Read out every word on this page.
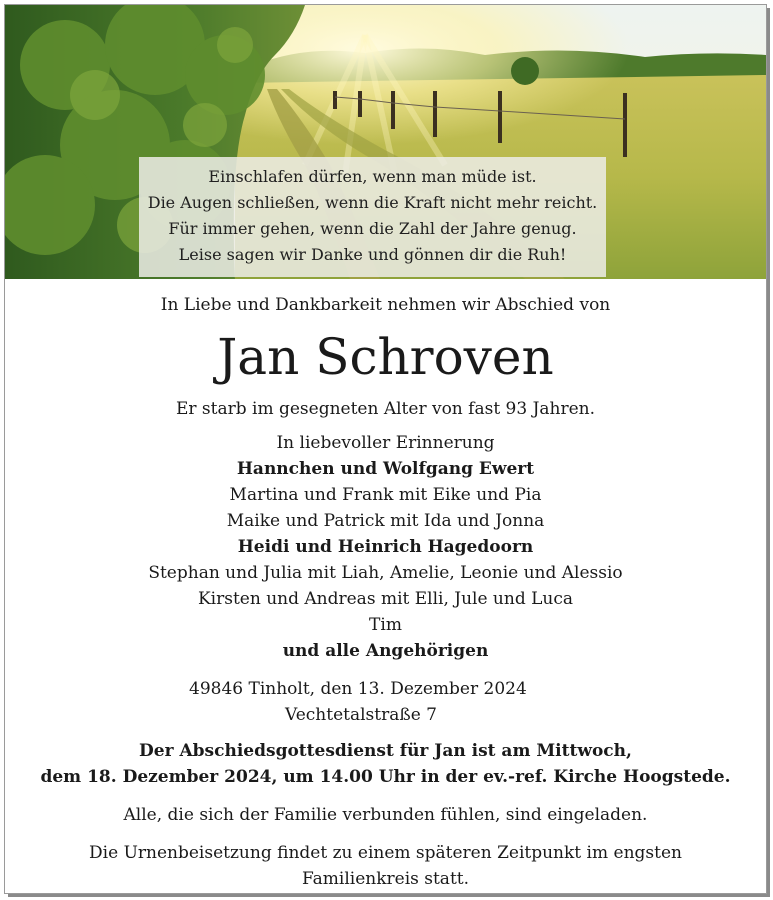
Einschlafen dürfen, wenn man müde ist.
Die Augen schließen, wenn die Kraft nicht mehr reicht.
Für immer gehen, wenn die Zahl der Jahre genug.
Leise sagen wir Danke und gönnen dir die Ruh!
In Liebe und Dankbarkeit nehmen wir Abschied von
Jan Schroven
Er starb im gesegneten Alter von fast 93 Jahren.
In liebevoller Erinnerung
Hannchen und Wolfgang Ewert
Martina und Frank mit Eike und Pia
Maike und Patrick mit Ida und Jonna
Heidi und Heinrich Hagedoorn
Stephan und Julia mit Liah, Amelie, Leonie und Alessio
Kirsten und Andreas mit Elli, Jule und Luca
Tim
und alle Angehörigen
49846 Tinholt, den 13. Dezember 2024
Vechtetalstraße 7
Der Abschiedsgottesdienst für Jan ist am Mittwoch,
dem 18. Dezember 2024, um 14.00 Uhr in der ev.-ref. Kirche Hoogstede.
Alle, die sich der Familie verbunden fühlen, sind eingeladen.
Die Urnenbeisetzung findet zu einem späteren Zeitpunkt im engsten
Familienkreis statt.
